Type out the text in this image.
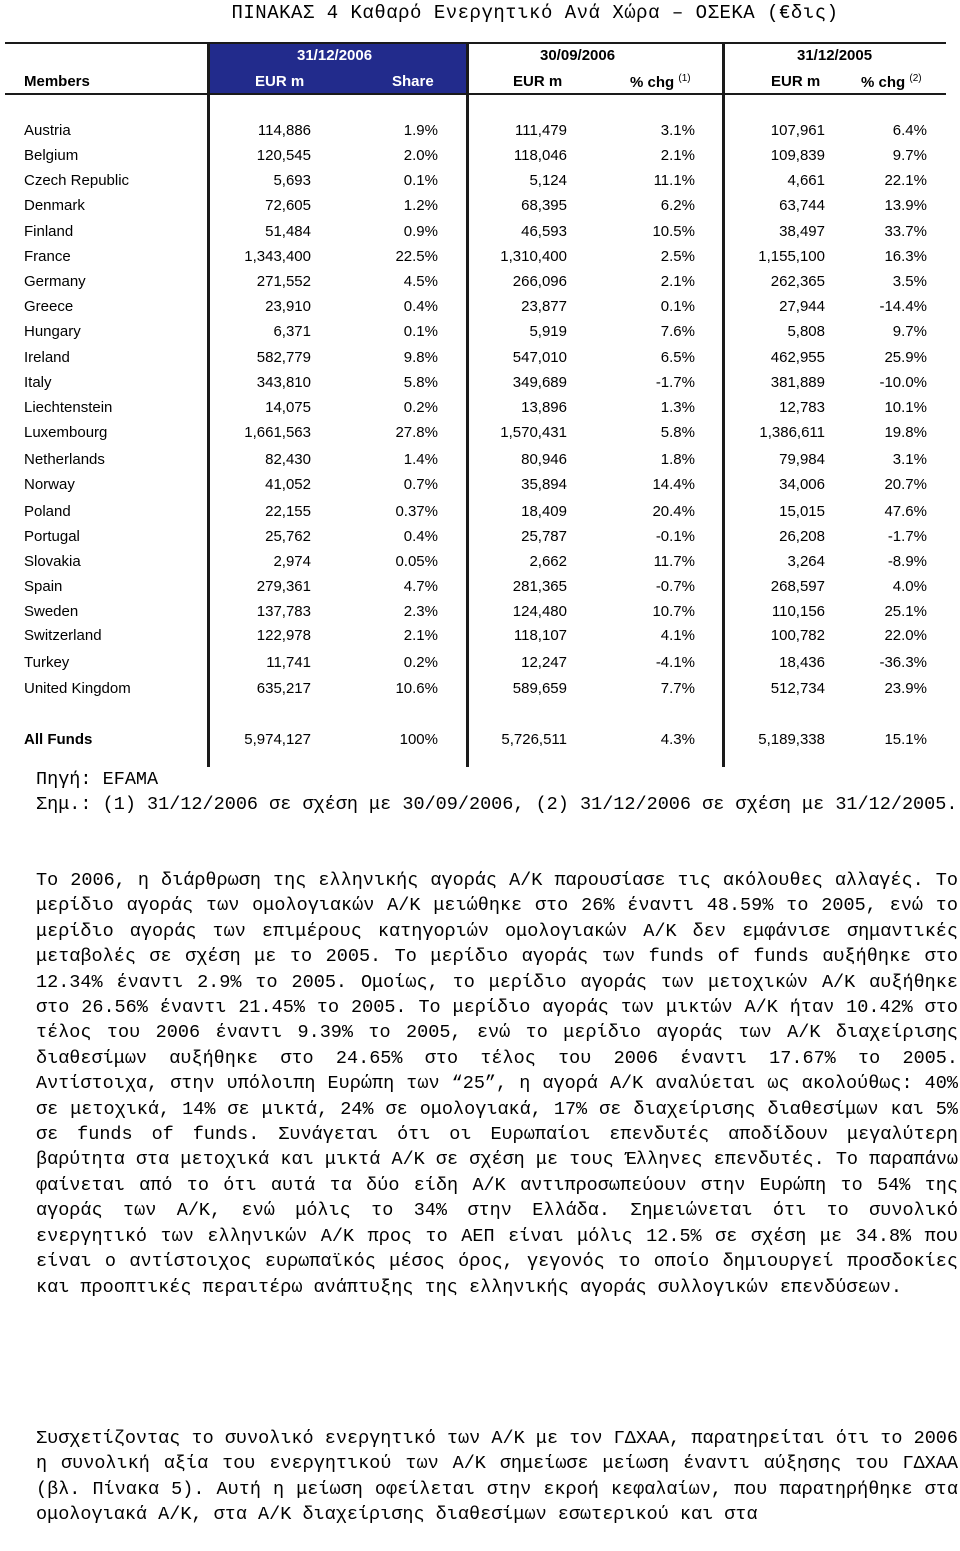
ΠΙΝΑΚΑΣ 4 Καθαρό Ενεργητικό Ανά Χώρα – ΟΣΕΚΑ (€δις)
31/12/2006	30/09/2006	31/12/2005
Members	EUR m	Share	EUR m	% chg $^{(1)}$	EUR m	% chg $^{(2)}$
Austria	114,886	1.9%	111,479	3.1%	107,961	6.4%
Belgium	120,545	2.0%	118,046	2.1%	109,839	9.7%
Czech Republic	5,693	0.1%	5,124	11.1%	4,661	22.1%
Denmark	72,605	1.2%	68,395	6.2%	63,744	13.9%
Finland	51,484	0.9%	46,593	10.5%	38,497	33.7%
France	1,343,400	22.5%	1,310,400	2.5%	1,155,100	16.3%
Germany	271,552	4.5%	266,096	2.1%	262,365	3.5%
Greece	23,910	0.4%	23,877	0.1%	27,944	-14.4%
Hungary	6,371	0.1%	5,919	7.6%	5,808	9.7%
Ireland	582,779	9.8%	547,010	6.5%	462,955	25.9%
Italy	343,810	5.8%	349,689	-1.7%	381,889	-10.0%
Liechtenstein	14,075	0.2%	13,896	1.3%	12,783	10.1%
Luxembourg	1,661,563	27.8%	1,570,431	5.8%	1,386,611	19.8%
Netherlands	82,430	1.4%	80,946	1.8%	79,984	3.1%
Norway	41,052	0.7%	35,894	14.4%	34,006	20.7%
Poland	22,155	0.37%	18,409	20.4%	15,015	47.6%
Portugal	25,762	0.4%	25,787	-0.1%	26,208	-1.7%
Slovakia	2,974	0.05%	2,662	11.7%	3,264	-8.9%
Spain	279,361	4.7%	281,365	-0.7%	268,597	4.0%
Sweden	137,783	2.3%	124,480	10.7%	110,156	25.1%
Switzerland	122,978	2.1%	118,107	4.1%	100,782	22.0%
Turkey	11,741	0.2%	12,247	-4.1%	18,436	-36.3%
United Kingdom	635,217	10.6%	589,659	7.7%	512,734	23.9%
All Funds	5,974,127	100%	5,726,511	4.3%	5,189,338	15.1%

Πηγή: EFAMA

Σημ.: (1) 31/12/2006 σε σχέση με 30/09/2006, (2) 31/12/2006 σε σχέση με 31/12/2005.

Το 2006, η διάρθρωση της ελληνικής αγοράς Α/Κ παρουσίασε τις ακόλουθες αλλαγές. Το μερίδιο αγοράς των ομολογιακών Α/Κ μειώθηκε στο 26% έναντι 48.59% το 2005, ενώ το μερίδιο αγοράς των επιμέρους κατηγοριών ομολογιακών Α/Κ δεν εμφάνισε σημαντικές μεταβολές σε σχέση με το 2005. Το μερίδιο αγοράς των funds of funds αυξήθηκε στο 12.34% έναντι 2.9% το 2005. Ομοίως, το μερίδιο αγοράς των μετοχικών Α/Κ αυξήθηκε στο 26.56% έναντι 21.45% το 2005. Το μερίδιο αγοράς των μικτών Α/Κ ήταν 10.42% στο τέλος του 2006 έναντι 9.39% το 2005, ενώ το μερίδιο αγοράς των Α/Κ διαχείρισης διαθεσίμων αυξήθηκε στο 24.65% στο τέλος του 2006 έναντι 17.67% το 2005. Αντίστοιχα, στην υπόλοιπη Ευρώπη των “25”, η αγορά Α/Κ αναλύεται ως ακολούθως: 40% σε μετοχικά, 14% σε μικτά, 24% σε ομολογιακά, 17% σε διαχείρισης διαθεσίμων και 5% σε funds of funds. Συνάγεται ότι οι Ευρωπαίοι επενδυτές αποδίδουν μεγαλύτερη βαρύτητα στα μετοχικά και μικτά Α/Κ σε σχέση με τους Έλληνες επενδυτές. Το παραπάνω φαίνεται από το ότι αυτά τα δύο είδη Α/Κ αντιπροσωπεύουν στην Ευρώπη το 54% της αγοράς των Α/Κ, ενώ μόλις το 34% στην Ελλάδα. Σημειώνεται ότι το συνολικό ενεργητικό των ελληνικών Α/Κ προς το ΑΕΠ είναι μόλις 12.5% σε σχέση με 34.8% που είναι ο αντίστοιχος ευρωπαϊκός μέσος όρος, γεγονός το οποίο δημιουργεί προσδοκίες και προοπτικές περαιτέρω ανάπτυξης της ελληνικής αγοράς συλλογικών επενδύσεων.

Συσχετίζοντας το συνολικό ενεργητικό των Α/Κ με τον ΓΔΧΑΑ, παρατηρείται ότι το 2006 η συνολική αξία του ενεργητικού των Α/Κ σημείωσε μείωση έναντι αύξησης του ΓΔΧΑΑ (βλ. Πίνακα 5). Αυτή η μείωση οφείλεται στην εκροή κεφαλαίων, που παρατηρήθηκε στα ομολογιακά Α/Κ, στα Α/Κ διαχείρισης διαθεσίμων εσωτερικού και στα
